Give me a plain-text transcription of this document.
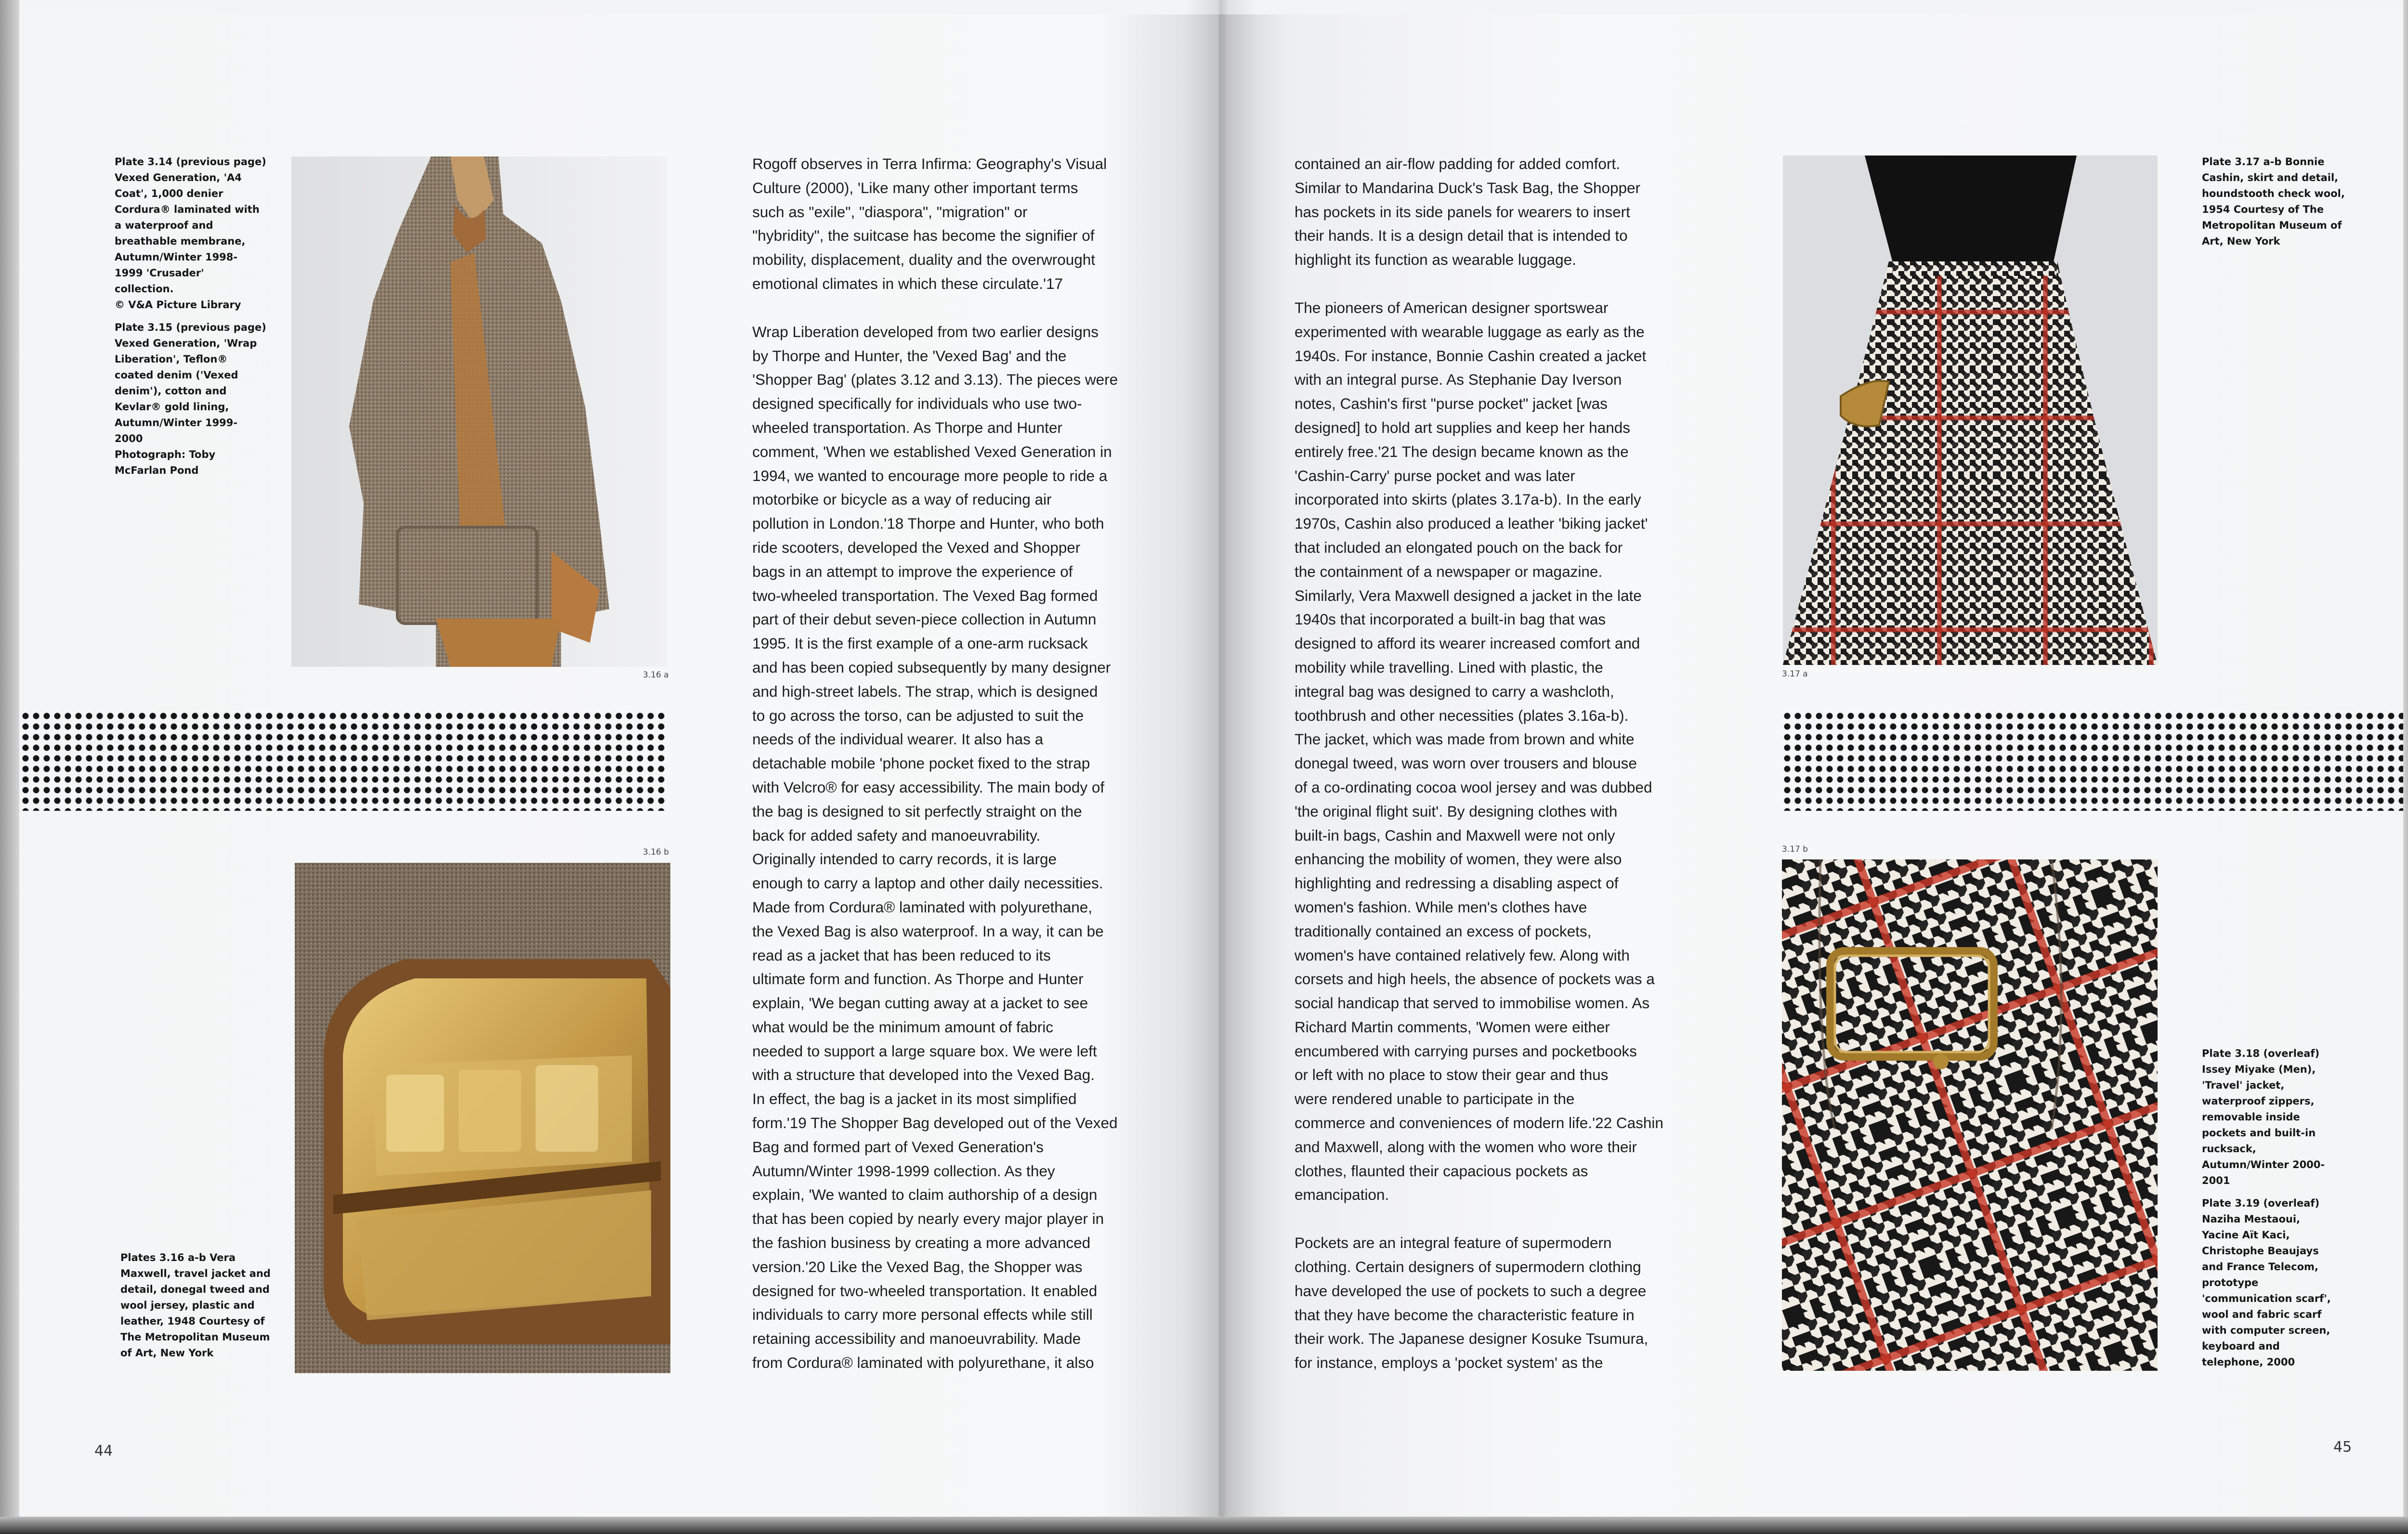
Plate 3.14 (previous page)
Vexed Generation, 'A4
Coat', 1,000 denier
Cordura® laminated with
a waterproof and
breathable membrane,
Autumn/Winter 1998-
1999 'Crusader'
collection.
© V&A Picture Library

Plate 3.15 (previous page)
Vexed Generation, 'Wrap
Liberation', Teflon®
coated denim ('Vexed
denim'), cotton and
Kevlar® gold lining,
Autumn/Winter 1999-
2000
Photograph: Toby
McFarlan Pond

3.16 a
3.16 b
Plates 3.16 a-b Vera Maxwell, travel jacket and detail, donegal tweed and wool jersey, plastic and leather, 1948 Courtesy of The Metropolitan Museum of Art, New York
44

Rogoff observes in Terra Infirma: Geography's Visual
Culture (2000), 'Like many other important terms
such as "exile", "diaspora", "migration" or
"hybridity", the suitcase has become the signifier of
mobility, displacement, duality and the overwrought
emotional climates in which these circulate.'17

Wrap Liberation developed from two earlier designs
by Thorpe and Hunter, the 'Vexed Bag' and the
'Shopper Bag' (plates 3.12 and 3.13). The pieces were
designed specifically for individuals who use two-
wheeled transportation. As Thorpe and Hunter
comment, 'When we established Vexed Generation in
1994, we wanted to encourage more people to ride a
motorbike or bicycle as a way of reducing air
pollution in London.'18 Thorpe and Hunter, who both
ride scooters, developed the Vexed and Shopper
bags in an attempt to improve the experience of
two-wheeled transportation. The Vexed Bag formed
part of their debut seven-piece collection in Autumn
1995. It is the first example of a one-arm rucksack
and has been copied subsequently by many designer
and high-street labels. The strap, which is designed
to go across the torso, can be adjusted to suit the
needs of the individual wearer. It also has a
detachable mobile 'phone pocket fixed to the strap
with Velcro® for easy accessibility. The main body of
the bag is designed to sit perfectly straight on the
back for added safety and manoeuvrability.
Originally intended to carry records, it is large
enough to carry a laptop and other daily necessities.
Made from Cordura® laminated with polyurethane,
the Vexed Bag is also waterproof. In a way, it can be
read as a jacket that has been reduced to its
ultimate form and function. As Thorpe and Hunter
explain, 'We began cutting away at a jacket to see
what would be the minimum amount of fabric
needed to support a large square box. We were left
with a structure that developed into the Vexed Bag.
In effect, the bag is a jacket in its most simplified
form.'19 The Shopper Bag developed out of the Vexed
Bag and formed part of Vexed Generation's
Autumn/Winter 1998-1999 collection. As they
explain, 'We wanted to claim authorship of a design
that has been copied by nearly every major player in
the fashion business by creating a more advanced
version.'20 Like the Vexed Bag, the Shopper was
designed for two-wheeled transportation. It enabled
individuals to carry more personal effects while still
retaining accessibility and manoeuvrability. Made
from Cordura® laminated with polyurethane, it also

contained an air-flow padding for added comfort.
Similar to Mandarina Duck's Task Bag, the Shopper
has pockets in its side panels for wearers to insert
their hands. It is a design detail that is intended to
highlight its function as wearable luggage.

The pioneers of American designer sportswear
experimented with wearable luggage as early as the
1940s. For instance, Bonnie Cashin created a jacket
with an integral purse. As Stephanie Day Iverson
notes, Cashin's first "purse pocket" jacket [was
designed] to hold art supplies and keep her hands
entirely free.'21 The design became known as the
'Cashin-Carry' purse pocket and was later
incorporated into skirts (plates 3.17a-b). In the early
1970s, Cashin also produced a leather 'biking jacket'
that included an elongated pouch on the back for
the containment of a newspaper or magazine.
Similarly, Vera Maxwell designed a jacket in the late
1940s that incorporated a built-in bag that was
designed to afford its wearer increased comfort and
mobility while travelling. Lined with plastic, the
integral bag was designed to carry a washcloth,
toothbrush and other necessities (plates 3.16a-b).
The jacket, which was made from brown and white
donegal tweed, was worn over trousers and blouse
of a co-ordinating cocoa wool jersey and was dubbed
'the original flight suit'. By designing clothes with
built-in bags, Cashin and Maxwell were not only
enhancing the mobility of women, they were also
highlighting and redressing a disabling aspect of
women's fashion. While men's clothes have
traditionally contained an excess of pockets,
women's have contained relatively few. Along with
corsets and high heels, the absence of pockets was a
social handicap that served to immobilise women. As
Richard Martin comments, 'Women were either
encumbered with carrying purses and pocketbooks
or left with no place to stow their gear and thus
were rendered unable to participate in the
commerce and conveniences of modern life.'22 Cashin
and Maxwell, along with the women who wore their
clothes, flaunted their capacious pockets as
emancipation.

Pockets are an integral feature of supermodern
clothing. Certain designers of supermodern clothing
have developed the use of pockets to such a degree
that they have become the characteristic feature in
their work. The Japanese designer Kosuke Tsumura,
for instance, employs a 'pocket system' as the

3.17 a
Plate 3.17 a-b Bonnie Cashin, skirt and detail, houndstooth check wool, 1954 Courtesy of The Metropolitan Museum of Art, New York
3.17 b

Plate 3.18 (overleaf)
Issey Miyake (Men),
'Travel' jacket,
waterproof zippers,
removable inside
pockets and built-in
rucksack,
Autumn/Winter 2000-
2001

Plate 3.19 (overleaf)
Naziha Mestaoui,
Yacine Aït Kaci,
Christophe Beaujays
and France Telecom,
prototype
'communication scarf',
wool and fabric scarf
with computer screen,
keyboard and
telephone, 2000

45
